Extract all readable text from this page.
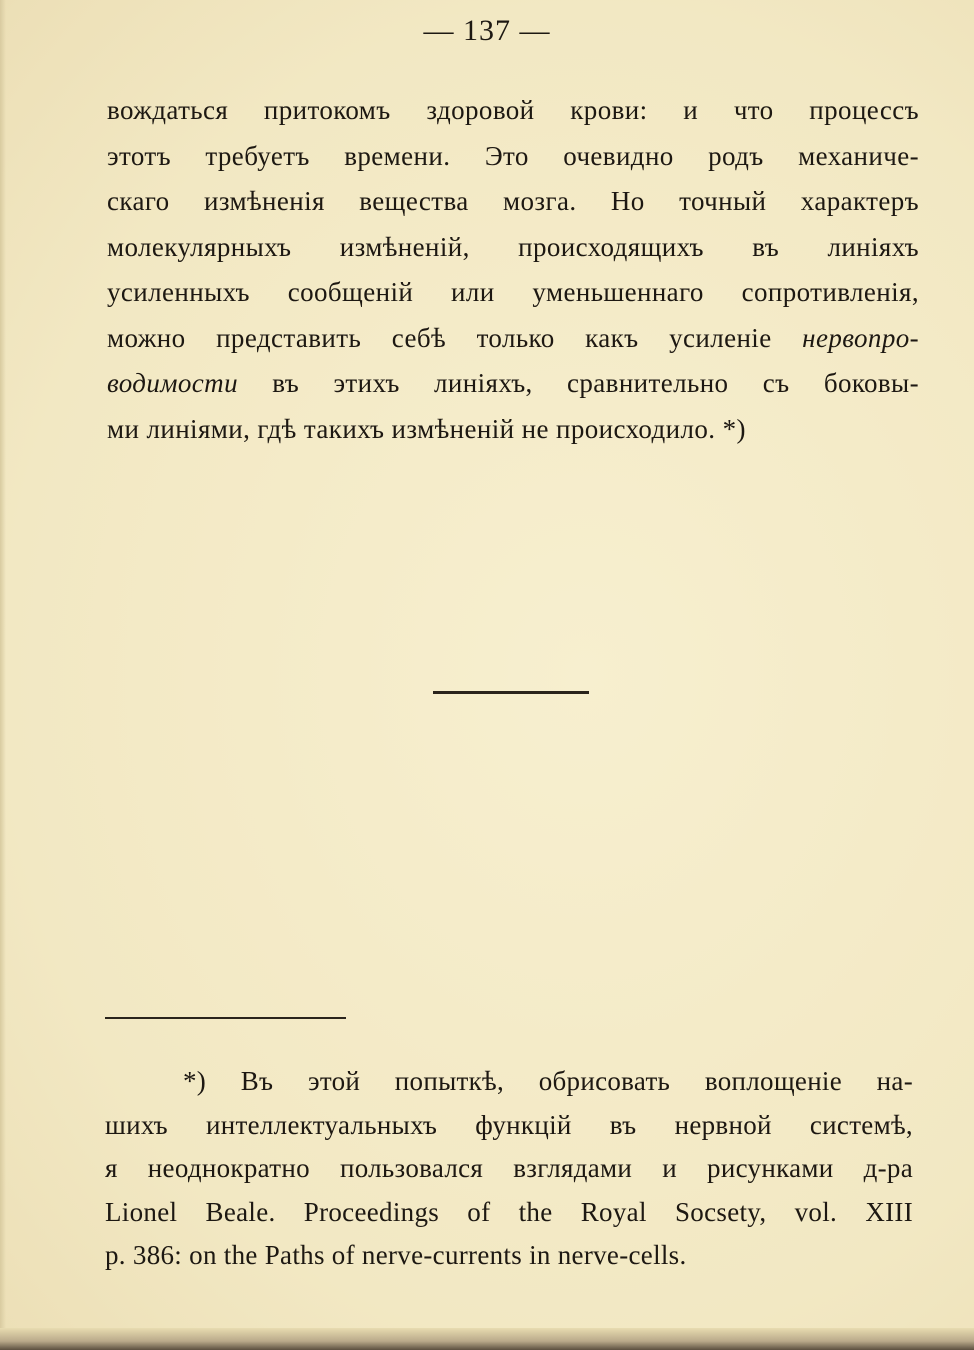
— 137 —
вождаться притокомъ здоровой крови: и что процессъ
этотъ требуетъ времени. Это очевидно родъ механиче-
скаго измѣненія вещества мозга. Но точный характеръ
молекулярныхъ измѣненій, происходящихъ въ линіяхъ
усиленныхъ сообщеній или уменьшеннаго сопротивленія,
можно представить себѣ только какъ усиленіе нервопро-
водимости въ этихъ линіяхъ, сравнительно съ боковы-
ми линіями, гдѣ такихъ измѣненій не происходило. *)
*) Въ этой попыткѣ, обрисовать воплощеніе на-
шихъ интеллектуальныхъ функцій въ нервной системѣ,
я неоднократно пользовался взглядами и рисунками д-ра
Lionel Beale. Proceedings of the Royal Socsety, vol. XIII
p. 386: on the Paths of nerve-currents in nerve-cells.
